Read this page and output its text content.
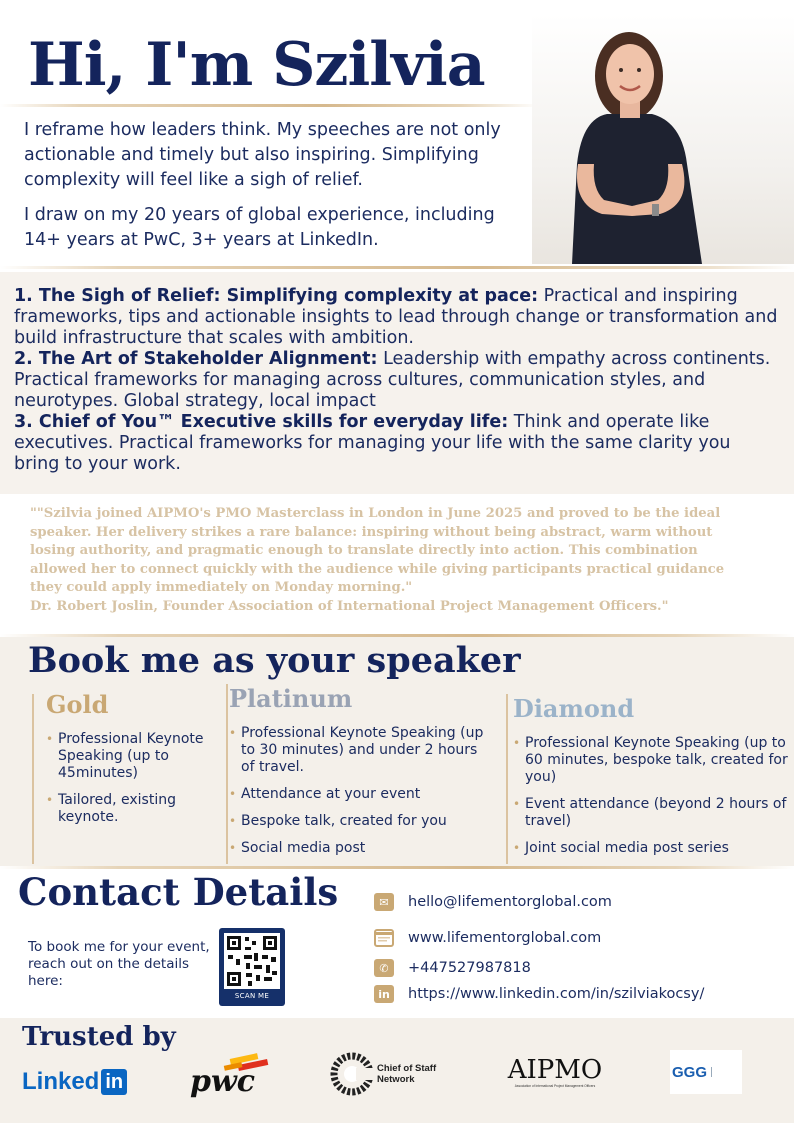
Hi, I'm Szilvia

I reframe how leaders think. My speeches are not only actionable and timely but also inspiring. Simplifying complexity will feel like a sigh of relief.

I draw on my 20 years of global experience, including 14+ years at PwC, 3+ years at LinkedIn.

1. The Sigh of Relief: Simplifying complexity at pace: Practical and inspiring frameworks, tips and actionable insights to lead through change or transformation and build infrastructure that scales with ambition.
2. The Art of Stakeholder Alignment: Leadership with empathy across continents. Practical frameworks for managing across cultures, communication styles, and neurotypes. Global strategy, local impact
3. Chief of You™ Executive skills for everyday life: Think and operate like executives. Practical frameworks for managing your life with the same clarity you bring to your work.
""Szilvia joined AIPMO's PMO Masterclass in London in June 2025 and proved to be the ideal speaker. Her delivery strikes a rare balance: inspiring without being abstract, warm without losing authority, and pragmatic enough to translate directly into action. This combination allowed her to connect quickly with the audience while giving participants practical guidance they could apply immediately on Monday morning."
Dr. Robert Joslin, Founder Association of International Project Management Officers."
Book me as your speaker
Gold
• Professional Keynote Speaking (up to 45minutes)
• Tailored, existing keynote.
Platinum
• Professional Keynote Speaking (up to 30 minutes) and under 2 hours of travel.
• Attendance at your event
• Bespoke talk, created for you
• Social media post
Diamond
• Professional Keynote Speaking (up to 60 minutes, bespoke talk, created for you)
• Event attendance (beyond 2 hours of travel)
• Joint social media post series
Contact Details
To book me for your event, reach out on the details here:
SCAN ME
✉	hello@lifementorglobal.com
www.lifementorglobal.com
✆	+447527987818
in https://www.linkedin.com/in/szilviakocsy/
Trusted by
Linked in pwc	Chief of Staff Network	AIPMO
Association of International Project Management Officers
GGG
